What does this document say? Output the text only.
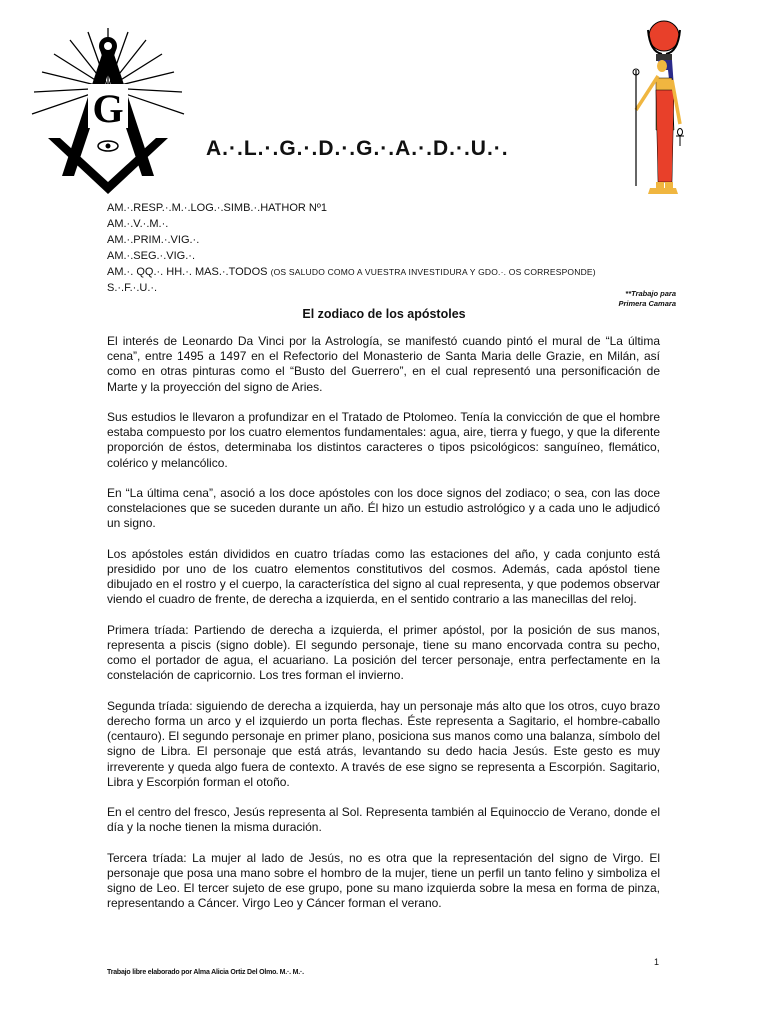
G
A.·.L.·.G.·.D.·.G.·.A.·.D.·.U.·.
AM.·.RESP.·.M.·.LOG.·.SIMB.·.HATHOR Nº1
AM.·.V.·.M.·.
AM.·.PRIM.·.VIG.·.
AM.·.SEG.·.VIG.·.
AM.·. QQ.·. HH.·. MAS.·.TODOS (OS SALUDO COMO A VUESTRA INVESTIDURA Y GDO.·. OS CORRESPONDE)
S.·.F.·.U.·.	**Trabajo para
Primera Camara
El zodiaco de los apóstoles

El interés de Leonardo Da Vinci por la Astrología, se manifestó cuando pintó el mural de “La última cena”, entre 1495 a 1497 en el Refectorio del Monasterio de Santa Maria delle Grazie, en Milán, así como en otras pinturas como el “Busto del Guerrero”, en el cual representó una personificación de Marte y la proyección del signo de Aries.

Sus estudios le llevaron a profundizar en el Tratado de Ptolomeo. Tenía la convicción de que el hombre estaba compuesto por los cuatro elementos fundamentales: agua, aire, tierra y fuego, y que la diferente proporción de éstos, determinaba los distintos caracteres o tipos psicológicos: sanguíneo, flemático, colérico y melancólico.

En “La última cena”, asoció a los doce apóstoles con los doce signos del zodiaco; o sea, con las doce constelaciones que se suceden durante un año. Él hizo un estudio astrológico y a cada uno le adjudicó un signo.

Los apóstoles están divididos en cuatro tríadas como las estaciones del año, y cada conjunto está presidido por uno de los cuatro elementos constitutivos del cosmos. Además, cada apóstol tiene dibujado en el rostro y el cuerpo, la característica del signo al cual representa, y que podemos observar viendo el cuadro de frente, de derecha a izquierda, en el sentido contrario a las manecillas del reloj.

Primera tríada: Partiendo de derecha a izquierda, el primer apóstol, por la posición de sus manos, representa a piscis (signo doble). El segundo personaje, tiene su mano encorvada contra su pecho, como el portador de agua, el acuariano. La posición del tercer personaje, entra perfectamente en la constelación de capricornio. Los tres forman el invierno.

Segunda tríada: siguiendo de derecha a izquierda, hay un personaje más alto que los otros, cuyo brazo derecho forma un arco y el izquierdo un porta flechas. Éste representa a Sagitario, el hombre-caballo (centauro). El segundo personaje en primer plano, posiciona sus manos como una balanza, símbolo del signo de Libra. El personaje que está atrás, levantando su dedo hacia Jesús. Este gesto es muy irreverente y queda algo fuera de contexto. A través de ese signo se representa a Escorpión. Sagitario, Libra y Escorpión forman el otoño.

En el centro del fresco, Jesús representa al Sol. Representa también al Equinoccio de Verano, donde el día y la noche tienen la misma duración.

Tercera tríada: La mujer al lado de Jesús, no es otra que la representación del signo de Virgo. El personaje que posa una mano sobre el hombro de la mujer, tiene un perfil un tanto felino y simboliza el signo de Leo. El tercer sujeto de ese grupo, pone su mano izquierda sobre la mesa en forma de pinza, representando a Cáncer. Virgo Leo y Cáncer forman el verano.

1
Trabajo libre elaborado por Alma Alicia Ortiz Del Olmo. M.·. M.·.
